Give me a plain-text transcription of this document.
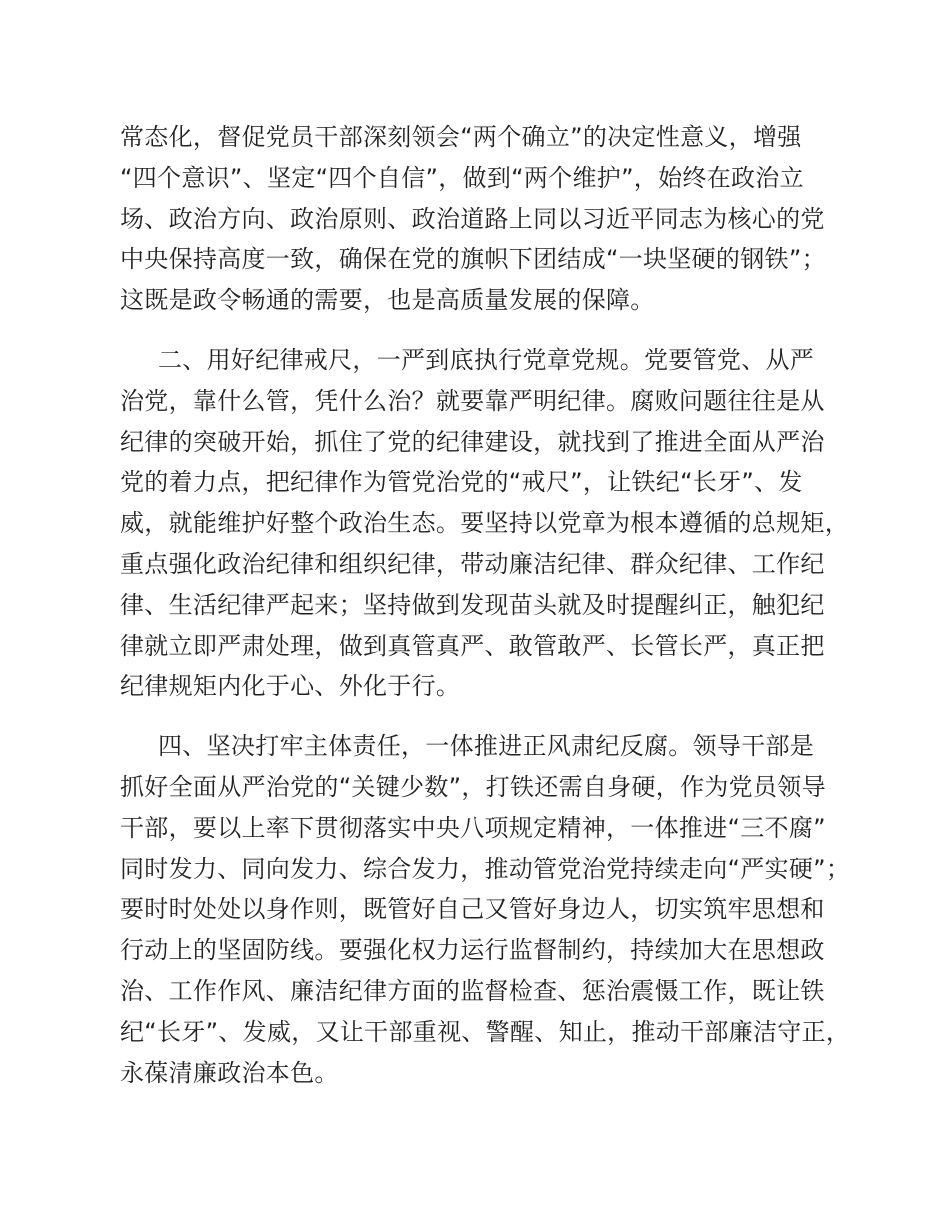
常态化，督促党员干部深刻领会“两个确立”的决定性意义，增强
“四个意识”、坚定“四个自信”，做到“两个维护”，始终在政治立
场、政治方向、政治原则、政治道路上同以习近平同志为核心的党
中央保持高度一致，确保在党的旗帜下团结成“一块坚硬的钢铁”；
这既是政令畅通的需要，也是高质量发展的保障。
二、用好纪律戒尺，一严到底执行党章党规。党要管党、从严
治党，靠什么管，凭什么治？就要靠严明纪律。腐败问题往往是从
纪律的突破开始，抓住了党的纪律建设，就找到了推进全面从严治
党的着力点，把纪律作为管党治党的“戒尺”，让铁纪“长牙”、发
威，就能维护好整个政治生态。要坚持以党章为根本遵循的总规矩，
重点强化政治纪律和组织纪律，带动廉洁纪律、群众纪律、工作纪
律、生活纪律严起来；坚持做到发现苗头就及时提醒纠正，触犯纪
律就立即严肃处理，做到真管真严、敢管敢严、长管长严，真正把
纪律规矩内化于心、外化于行。
四、坚决打牢主体责任，一体推进正风肃纪反腐。领导干部是
抓好全面从严治党的“关键少数”，打铁还需自身硬，作为党员领导
干部，要以上率下贯彻落实中央八项规定精神，一体推进“三不腐”
同时发力、同向发力、综合发力，推动管党治党持续走向“严实硬”；
要时时处处以身作则，既管好自己又管好身边人，切实筑牢思想和
行动上的坚固防线。要强化权力运行监督制约，持续加大在思想政
治、工作作风、廉洁纪律方面的监督检查、惩治震慑工作，既让铁
纪“长牙”、发威，又让干部重视、警醒、知止，推动干部廉洁守正，
永葆清廉政治本色。
